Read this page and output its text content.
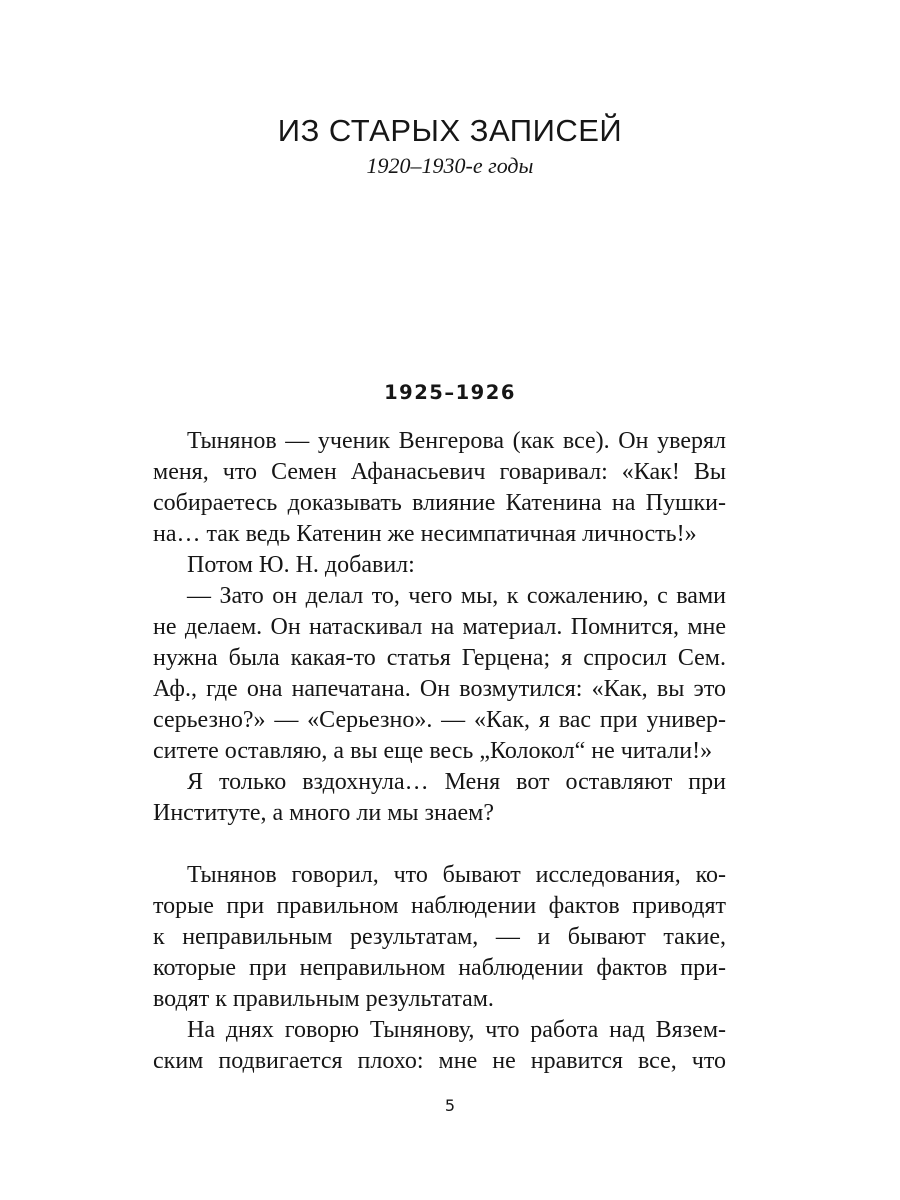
ИЗ СТАРЫХ ЗАПИСЕЙ
1920–1930-е годы
1925–1926
Тынянов — ученик Венгерова (как все). Он уверял
меня, что Семен Афанасьевич говаривал: «Как! Вы
собираетесь доказывать влияние Катенина на Пушки-
на… так ведь Катенин же несимпатичная личность!»
Потом Ю. Н. добавил:
— Зато он делал то, чего мы, к сожалению, с вами
не делаем. Он натаскивал на материал. Помнится, мне
нужна была какая-то статья Герцена; я спросил Сем.
Аф., где она напечатана. Он возмутился: «Как, вы это
серьезно?» — «Серьезно». — «Как, я вас при универ-
ситете оставляю, а вы еще весь „Колокол“ не читали!»
Я только вздохнула… Меня вот оставляют при
Институте, а много ли мы знаем?
Тынянов говорил, что бывают исследования, ко-
торые при правильном наблюдении фактов приводят
к неправильным результатам, — и бывают такие,
которые при неправильном наблюдении фактов при-
водят к правильным результатам.
На днях говорю Тынянову, что работа над Вязем-
ским подвигается плохо: мне не нравится все, что
5
